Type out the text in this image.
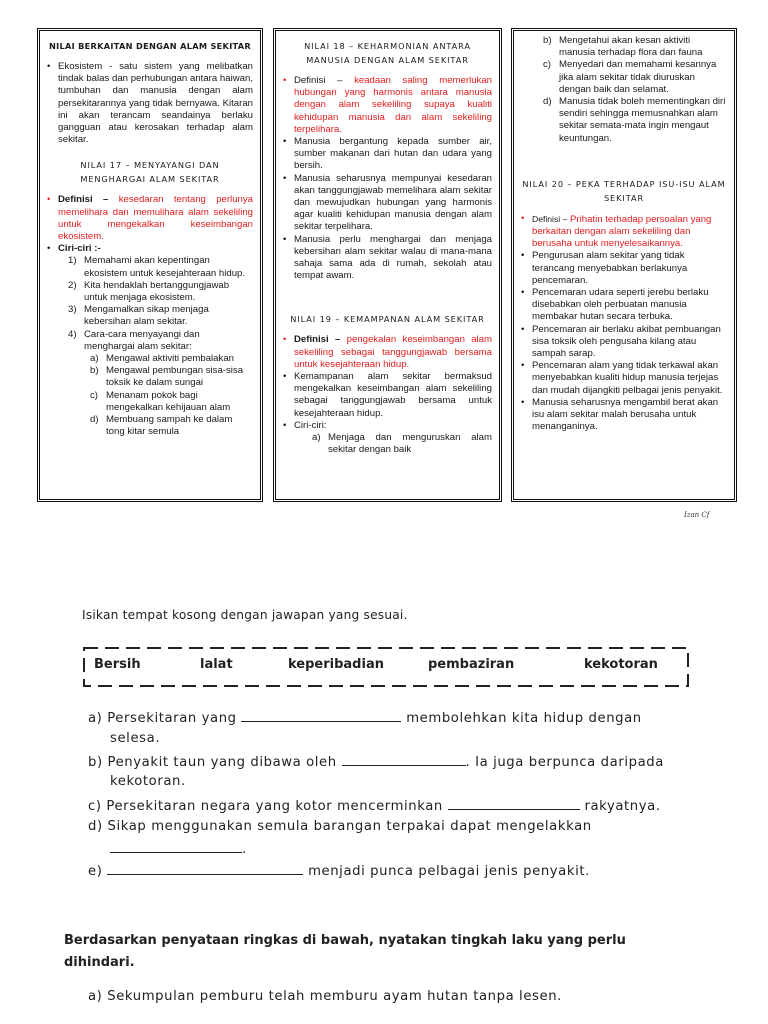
NILAI BERKAITAN DENGAN ALAM SEKITAR
• Ekosistem - satu sistem yang melibatkan tindak balas dan perhubungan antara haiwan, tumbuhan dan manusia dengan alam persekitarannya yang tidak bernyawa. Kitaran ini akan terancam seandainya berlaku gangguan atau kerosakan terhadap alam sekitar.
NILAI 17 – MENYAYANGI DAN MENGHARGAI ALAM SEKITAR
• Definisi – kesedaran tentang perlunya memelihara dan memulihara alam sekeliling untuk mengekalkan keseimbangan ekosistem.
• Ciri-ciri :-
1) Memahami akan kepentingan ekosistem untuk kesejahteraan hidup.
2) Kita hendaklah bertanggungjawab untuk menjaga ekosistem.
3) Mengamalkan sikap menjaga kebersihan alam sekitar.
4) Cara-cara menyayangi dan menghargai alam sekitar:
a) Mengawal aktiviti pembalakan
b) Mengawal pembungan sisa-sisa toksik ke dalam sungai
c) Menanam pokok bagi mengekalkan kehijauan alam
d) Membuang sampah ke dalam tong kitar semula
NILAI 18 – KEHARMONIAN ANTARA MANUSIA DENGAN ALAM SEKITAR
• Definisi – keadaan saling memerlukan hubungan yang harmonis antara manusia dengan alam sekeliling supaya kualiti kehidupan manusia dan alam sekeliling terpelihara.
• Manusia bergantung kepada sumber air, sumber makanan dari hutan dan udara yang bersih.
• Manusia seharusnya mempunyai kesedaran akan tanggungjawab memelihara alam sekitar dan mewujudkan hubungan yang harmonis agar kualiti kehidupan manusia dengan alam sekitar terpelihara.
• Manusia perlu menghargai dan menjaga kebersihan alam sekitar walau di mana-mana sahaja sama ada di rumah, sekolah atau tempat awam.
NILAI 19 – KEMAMPANAN ALAM SEKITAR
• Definisi – pengekalan keseimbangan alam sekeliling sebagai tanggungjawab bersama untuk kesejahteraan hidup.
• Kemampanan alam sekitar bermaksud mengekalkan keseimbangan alam sekeliling sebagai tanggungjawab bersama untuk kesejahteraan hidup.
• Ciri-ciri:
a) Menjaga dan menguruskan alam sekitar dengan baik
b) Mengetahui akan kesan aktiviti manusia terhadap flora dan fauna
c) Menyedari dan memahami kesannya jika alam sekitar tidak diuruskan dengan baik dan selamat.
d) Manusia tidak boleh mementingkan diri sendiri sehingga memusnahkan alam sekitar semata-mata ingin mengaut keuntungan.
NILAI 20 – PEKA TERHADAP ISU-ISU ALAM SEKITAR
• Definisi – Prihatin terhadap persoalan yang berkaitan dengan alam sekeliling dan berusaha untuk menyelesaikannya.
• Pengurusan alam sekitar yang tidak terancang menyebabkan berlakunya pencemaran.
• Pencemaran udara seperti jerebu berlaku disebabkan oleh perbuatan manusia membakar hutan secara terbuka.
• Pencemaran air berlaku akibat pembuangan sisa toksik oleh pengusaha kilang atau sampah sarap.
• Pencemaran alam yang tidak terkawal akan menyebabkan kualiti hidup manusia terjejas dan mudah dijangkiti pelbagai jenis penyakit.
• Manusia seharusnya mengambil berat akan isu alam sekitar malah berusaha untuk menanganinya.
Izan Cf
Isikan tempat kosong dengan jawapan yang sesuai.
Bersih	lalat	keperibadian	pembaziran	kekotoran
a) Persekitaran yang	membolehkan kita hidup dengan
selesa.
b) Penyakit taun yang dibawa oleh	. Ia juga berpunca daripada
kekotoran.
c) Persekitaran negara yang kotor mencerminkan	rakyatnya.
d) Sikap menggunakan semula barangan terpakai dapat mengelakkan
.
e)	menjadi punca pelbagai jenis penyakit.
Berdasarkan penyataan ringkas di bawah, nyatakan tingkah laku yang perlu dihindari.
a) Sekumpulan pemburu telah memburu ayam hutan tanpa lesen.
